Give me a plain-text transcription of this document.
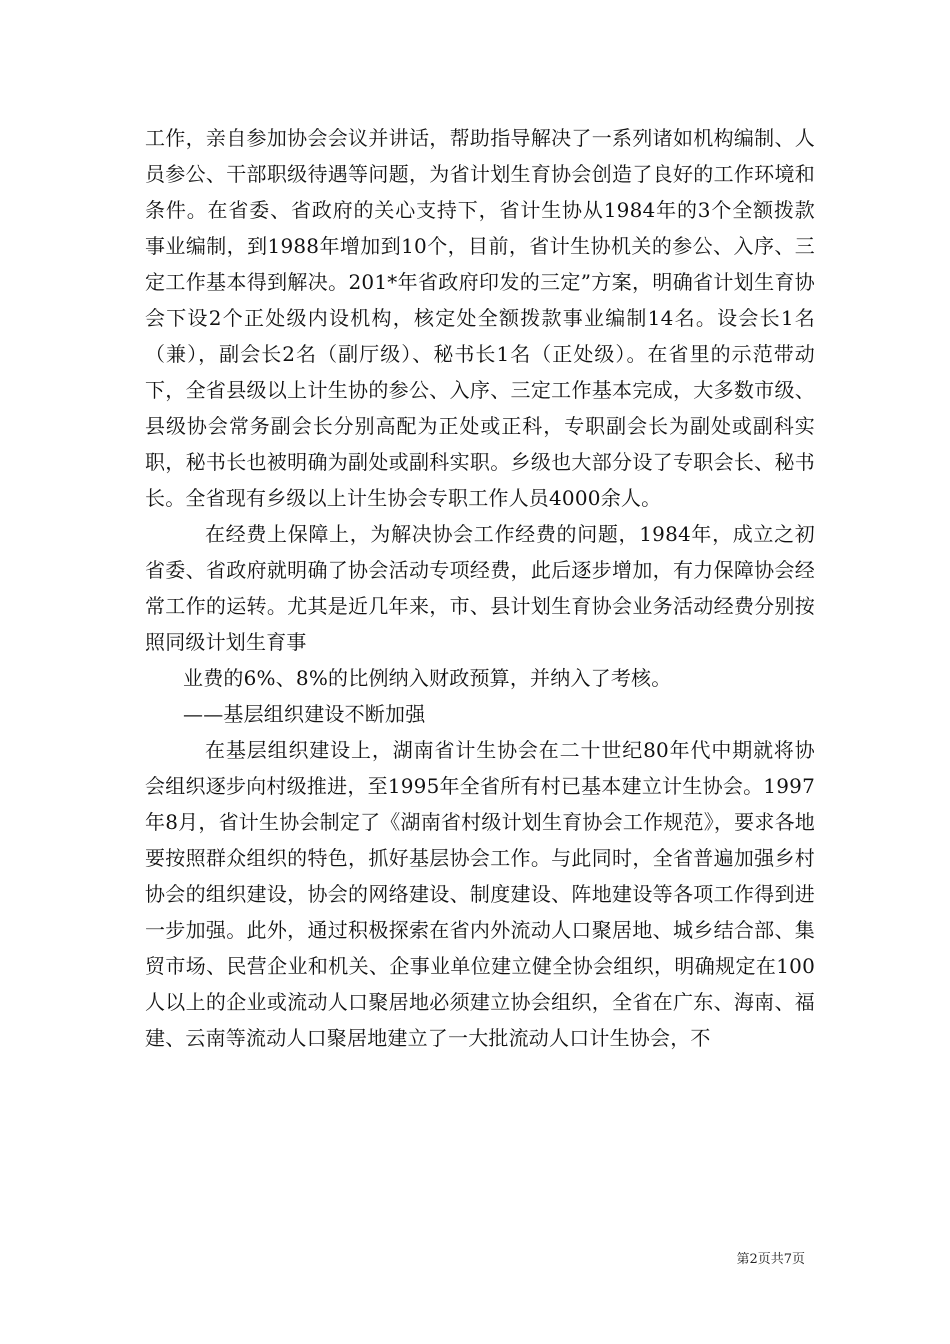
工作，亲自参加协会会议并讲话，帮助指导解决了一系列诸如机构编制、人员参公、干部职级待遇等问题，为省计划生育协会创造了良好的工作环境和条件。在省委、省政府的关心支持下，省计生协从1984年的3个全额拨款事业编制，到1988年增加到10个，目前，省计生协机关的参公、入序、三定工作基本得到解决。201*年省政府印发的三定”方案，明确省计划生育协会下设2个正处级内设机构，核定处全额拨款事业编制14名。设会长1名（兼），副会长2名（副厅级）、秘书长1名（正处级）。在省里的示范带动下，全省县级以上计生协的参公、入序、三定工作基本完成，大多数市级、县级协会常务副会长分别高配为正处或正科，专职副会长为副处或副科实职，秘书长也被明确为副处或副科实职。乡级也大部分设了专职会长、秘书长。全省现有乡级以上计生协会专职工作人员4000余人。

在经费上保障上，为解决协会工作经费的问题，1984年，成立之初省委、省政府就明确了协会活动专项经费，此后逐步增加，有力保障协会经常工作的运转。尤其是近几年来，市、县计划生育协会业务活动经费分别按照同级计划生育事

业费的6%、8%的比例纳入财政预算，并纳入了考核。

——基层组织建设不断加强

在基层组织建设上，湖南省计生协会在二十世纪80年代中期就将协会组织逐步向村级推进，至1995年全省所有村已基本建立计生协会。1997年8月，省计生协会制定了《湖南省村级计划生育协会工作规范》，要求各地要按照群众组织的特色，抓好基层协会工作。与此同时，全省普遍加强乡村协会的组织建设，协会的网络建设、制度建设、阵地建设等各项工作得到进一步加强。此外，通过积极探索在省内外流动人口聚居地、城乡结合部、集贸市场、民营企业和机关、企事业单位建立健全协会组织，明确规定在100人以上的企业或流动人口聚居地必须建立协会组织，全省在广东、海南、福建、云南等流动人口聚居地建立了一大批流动人口计生协会，不

第2页共7页
